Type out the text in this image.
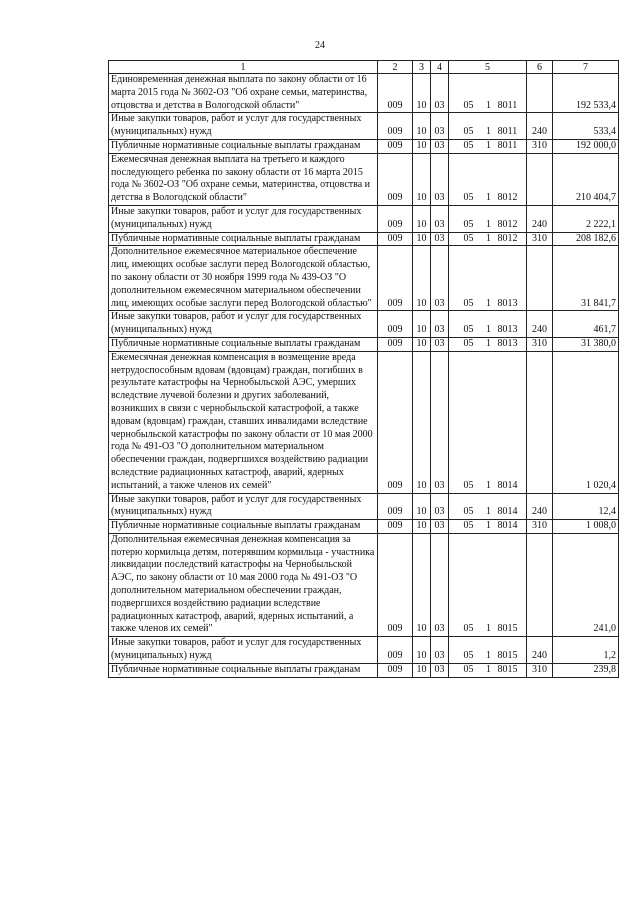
24
1	2	3	4	5	6	7
Единовременная денежная выплата по закону области от 16 марта 2015 года № 3602-ОЗ "Об охране семьи, материнства, отцовства и детства в Вологодской области"	009	10	03	05 1 8011		192 533,4
Иные закупки товаров, работ и услуг для государственных (муниципальных) нужд	009	10	03	05 1 8011	240	533,4
Публичные нормативные социальные выплаты гражданам	009	10	03	05 1 8011	310	192 000,0
Ежемесячная денежная выплата на третьего и каждого последующего ребенка по закону области от 16 марта 2015 года № 3602-ОЗ "Об охране семьи, материнства, отцовства и детства в Вологодской области"	009	10	03	05 1 8012		210 404,7
Иные закупки товаров, работ и услуг для государственных (муниципальных) нужд	009	10	03	05 1 8012	240	2 222,1
Публичные нормативные социальные выплаты гражданам	009	10	03	05 1 8012	310	208 182,6
Дополнительное ежемесячное материальное обеспечение лиц, имеющих особые заслуги перед Вологодской областью, по закону области от 30 ноября 1999 года № 439-ОЗ "О дополнительном ежемесячном материальном обеспечении лиц, имеющих особые заслуги перед Вологодской областью"	009	10	03	05 1 8013		31 841,7
Иные закупки товаров, работ и услуг для государственных (муниципальных) нужд	009	10	03	05 1 8013	240	461,7
Публичные нормативные социальные выплаты гражданам	009	10	03	05 1 8013	310	31 380,0
Ежемесячная денежная компенсация в возмещение вреда нетрудоспособным вдовам (вдовцам) граждан, погибших в результате катастрофы на Чернобыльской АЭС, умерших вследствие лучевой болезни и других заболеваний, возникших в связи с чернобыльской катастрофой, а также вдовам (вдовцам) граждан, ставших инвалидами вследствие чернобыльской катастрофы по закону области от 10 мая 2000 года № 491-ОЗ "О дополнительном материальном обеспечении граждан, подвергшихся воздействию радиации вследствие радиационных катастроф, аварий, ядерных испытаний, а также членов их семей"	009	10	03	05 1 8014		1 020,4
Иные закупки товаров, работ и услуг для государственных (муниципальных) нужд	009	10	03	05 1 8014	240	12,4
Публичные нормативные социальные выплаты гражданам	009	10	03	05 1 8014	310	1 008,0
Дополнительная ежемесячная денежная компенсация за потерю кормильца детям, потерявшим кормильца - участника ликвидации последствий катастрофы на Чернобыльской АЭС, по закону области от 10 мая 2000 года № 491-ОЗ "О дополнительном материальном обеспечении граждан, подвергшихся воздействию радиации вследствие радиационных катастроф, аварий, ядерных испытаний, а также членов их семей"	009	10	03	05 1 8015		241,0
Иные закупки товаров, работ и услуг для государственных (муниципальных) нужд	009	10	03	05 1 8015	240	1,2
Публичные нормативные социальные выплаты гражданам	009	10	03	05 1 8015	310	239,8
